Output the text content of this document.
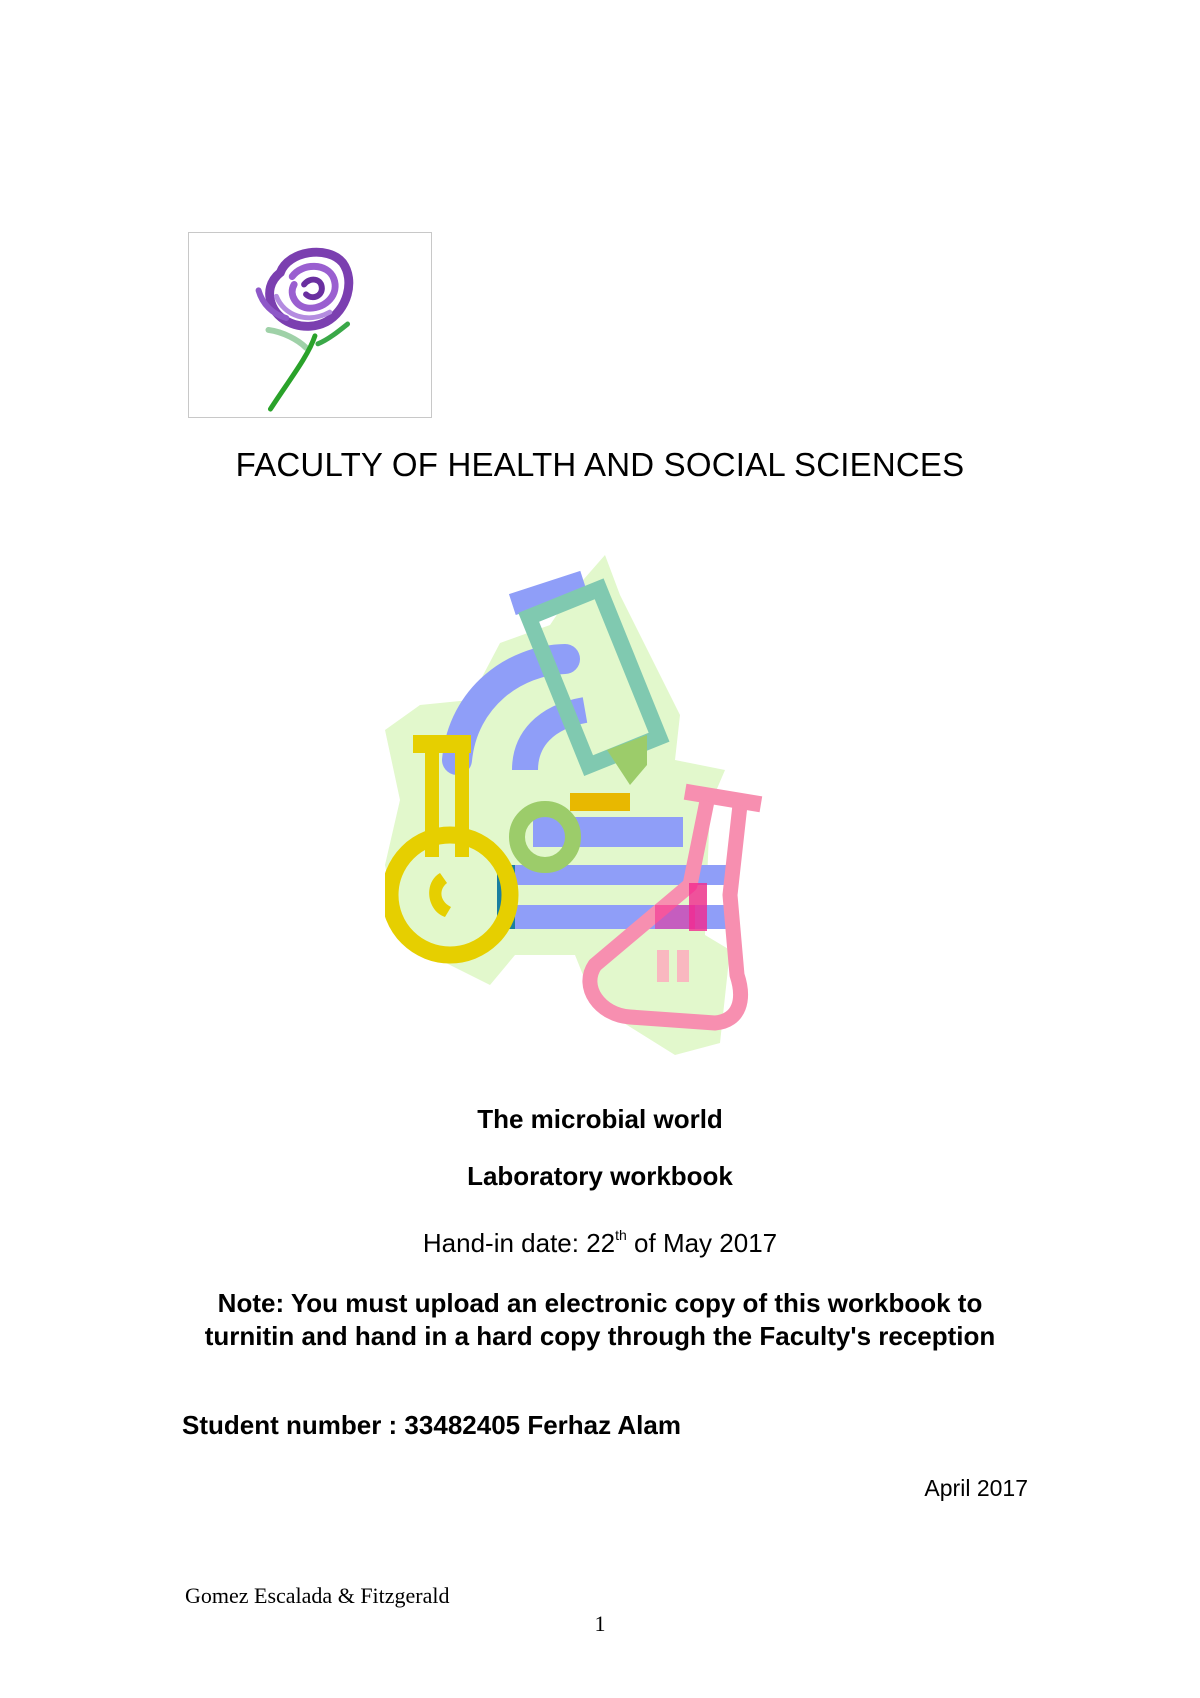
FACULTY OF HEALTH AND SOCIAL SCIENCES
The microbial world
Laboratory workbook
Hand-in date: 22th of May 2017
Note: You must upload an electronic copy of this workbook to turnitin and hand in a hard copy through the Faculty's reception
Student number : 33482405 Ferhaz Alam
April 2017
Gomez Escalada & Fitzgerald
1
